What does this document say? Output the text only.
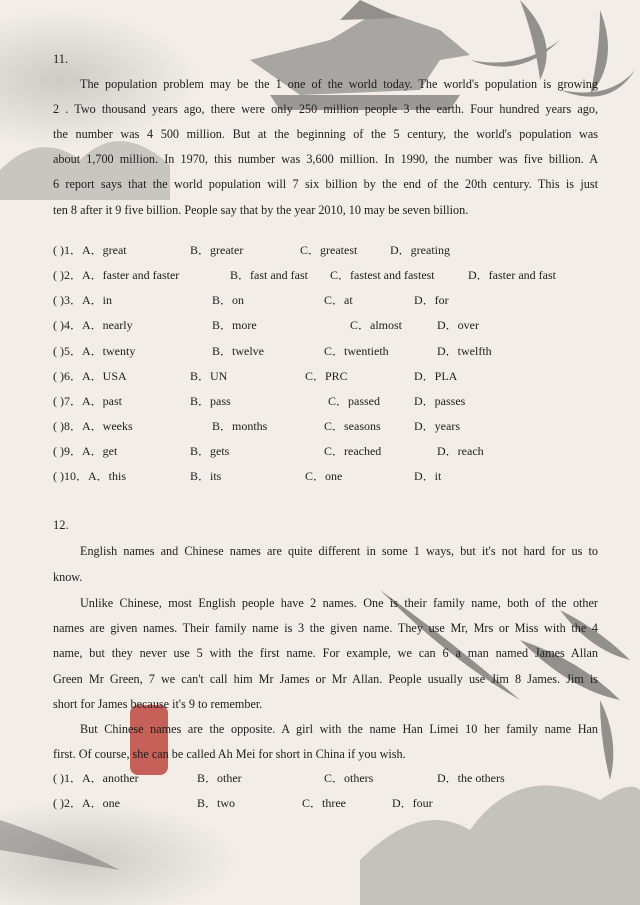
11.
The population problem may be the 1 one of the world today. The world's population is growing
2 . Two thousand years ago, there were only 250 million people 3 the earth. Four hundred years ago,
the number was 4 500 million. But at the beginning of the 5 century, the world's population was
about 1,700 million. In 1970, this number was 3,600 million. In 1990, the number was five billion. A
6 report says that the world population will 7 six billion by the end of the 20th century. This is just
ten 8 after it 9 five billion. People say that by the year 2010, 10 may be seven billion.
( )1．A．great	B．greater	C．greatest	D．greating
( )2．A．faster and faster	B．fast and fast C．fastest and fastest	D．faster and fast
( )3．A．in	B．on	C．at	D．for
( )4．A．nearly	B．more	C．almost	D．over
( )5．A．twenty	B．twelve	C．twentieth	D．twelfth
( )6．A．USA	B．UN	C．PRC	D．PLA
( )7．A．past	B．pass	C．passed	D．passes
( )8．A．weeks	B．months	C．seasons	D．years
( )9．A．get	B．gets	C．reached	D．reach
( )10．A．this	B．its	C．one	D．it
12.
English names and Chinese names are quite different in some 1 ways, but it's not hard for us to
know.
Unlike Chinese, most English people have 2 names. One is their family name, both of the other
names are given names. Their family name is 3 the given name. They use Mr, Mrs or Miss with the 4
name, but they never use 5 with the first name. For example, we can 6 a man named James Allan
Green Mr Green, 7 we can't call him Mr James or Mr Allan. People usually use Jim 8 James. Jim is
short for James because it's 9 to remember.
But Chinese names are the opposite. A girl with the name Han Limei 10 her family name Han
first. Of course, she can be called Ah Mei for short in China if you wish.
( )1．A．another	B．other	C．others	D．the others
( )2．A．one	B．two	C．three	D．four
